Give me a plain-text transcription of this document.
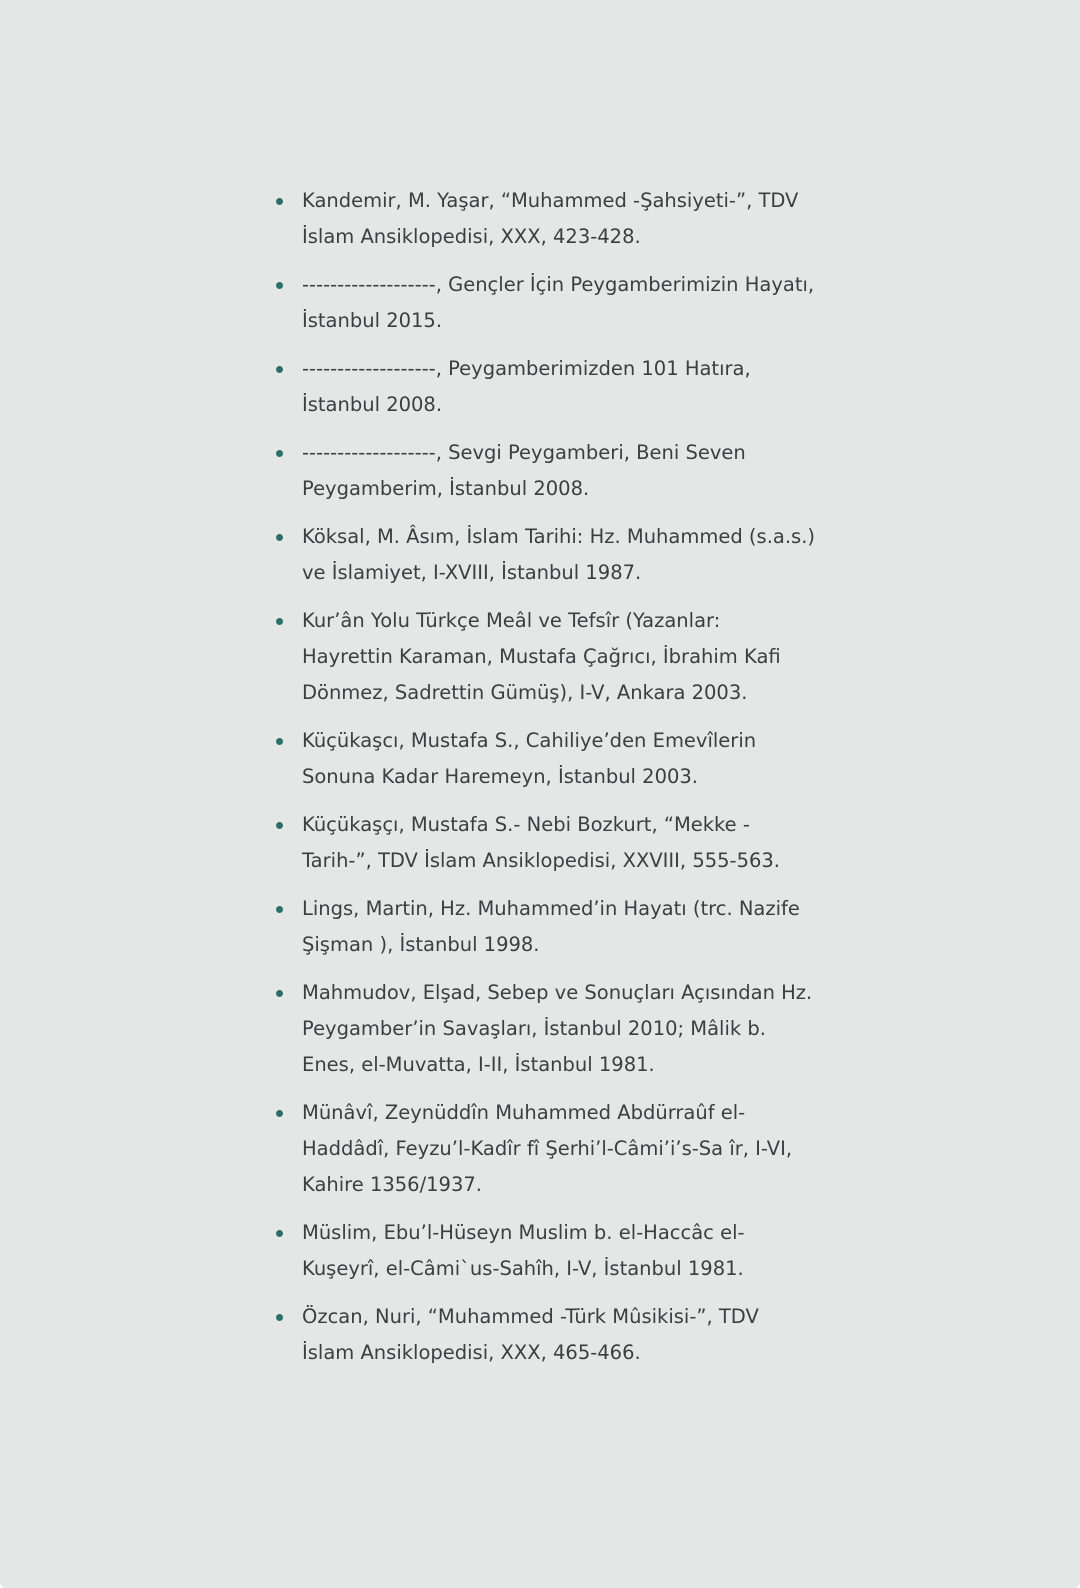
Kandemir, M. Yaşar, “Muhammed -Şahsiyeti-”, TDV İslam Ansiklopedisi, XXX, 423-428.
-------------------, Gençler İçin Peygamberimizin Hayatı, İstanbul 2015.
-------------------, Peygamberimizden 101 Hatıra, İstanbul 2008.
-------------------, Sevgi Peygamberi, Beni Seven Peygamberim, İstanbul 2008.
Köksal, M. Âsım, İslam Tarihi: Hz. Muhammed (s.a.s.) ve İslamiyet, I-XVIII, İstanbul 1987.
Kur’ân Yolu Türkçe Meâl ve Tefsîr (Yazanlar: Hayrettin Karaman, Mustafa Çağrıcı, İbrahim Kafi Dönmez, Sadrettin Gümüş), I-V, Ankara 2003.
Küçükaşcı, Mustafa S., Cahiliye’den Emevîlerin Sonuna Kadar Haremeyn, İstanbul 2003.
Küçükaşçı, Mustafa S.- Nebi Bozkurt, “Mekke -Tarih-”, TDV İslam Ansiklopedisi, XXVIII, 555-563.
Lings, Martin, Hz. Muhammed’in Hayatı (trc. Nazife Şişman ), İstanbul 1998.
Mahmudov, Elşad, Sebep ve Sonuçları Açısından Hz. Peygamber’in Savaşları, İstanbul 2010; Mâlik b. Enes, el-Muvatta, I-II, İstanbul 1981.
Münâvî, Zeynüddîn Muhammed Abdürraûf el-Haddâdî, Feyzu’l-Kadîr fî Şerhi’l-Câmi’i’s-Sa îr, I-VI, Kahire 1356/1937.
Müslim, Ebu’l-Hüseyn Muslim b. el-Haccâc el-Kuşeyrî, el-Câmi`us-Sahîh, I-V, İstanbul 1981.
Özcan, Nuri, “Muhammed -Türk Mûsikisi-”, TDV İslam Ansiklopedisi, XXX, 465-466.
